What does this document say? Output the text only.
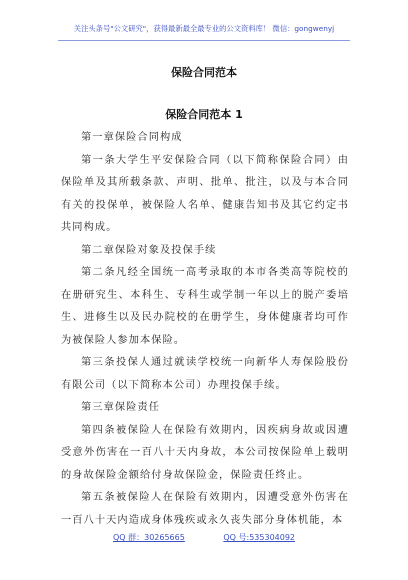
关注头条号"公文研究"，获得最新最全最专业的公文资料库！ 微信：gongwenyj
保险合同范本
保险合同范本 1

第一章保险合同构成

第一条大学生平安保险合同（以下简称保险合同）由保险单及其所载条款、声明、批单、批注，以及与本合同有关的投保单，被保险人名单、健康告知书及其它约定书共同构成。

第二章保险对象及投保手续

第二条凡经全国统一高考录取的本市各类高等院校的在册研究生、本科生、专科生或学制一年以上的脱产委培生、进修生以及民办院校的在册学生，身体健康者均可作为被保险人参加本保险。

第三条投保人通过就读学校统一向新华人寿保险股份有限公司（以下简称本公司）办理投保手续。

第三章保险责任

第四条被保险人在保险有效期内，因疾病身故或因遭受意外伤害在一百八十天内身故，本公司按保险单上载明的身故保险金额给付身故保险金，保险责任终止。

第五条被保险人在保险有效期内，因遭受意外伤害在一百八十天内造成身体残疾或永久丧失部分身体机能，本

QQ 群：30265665	QQ 号:535304092
